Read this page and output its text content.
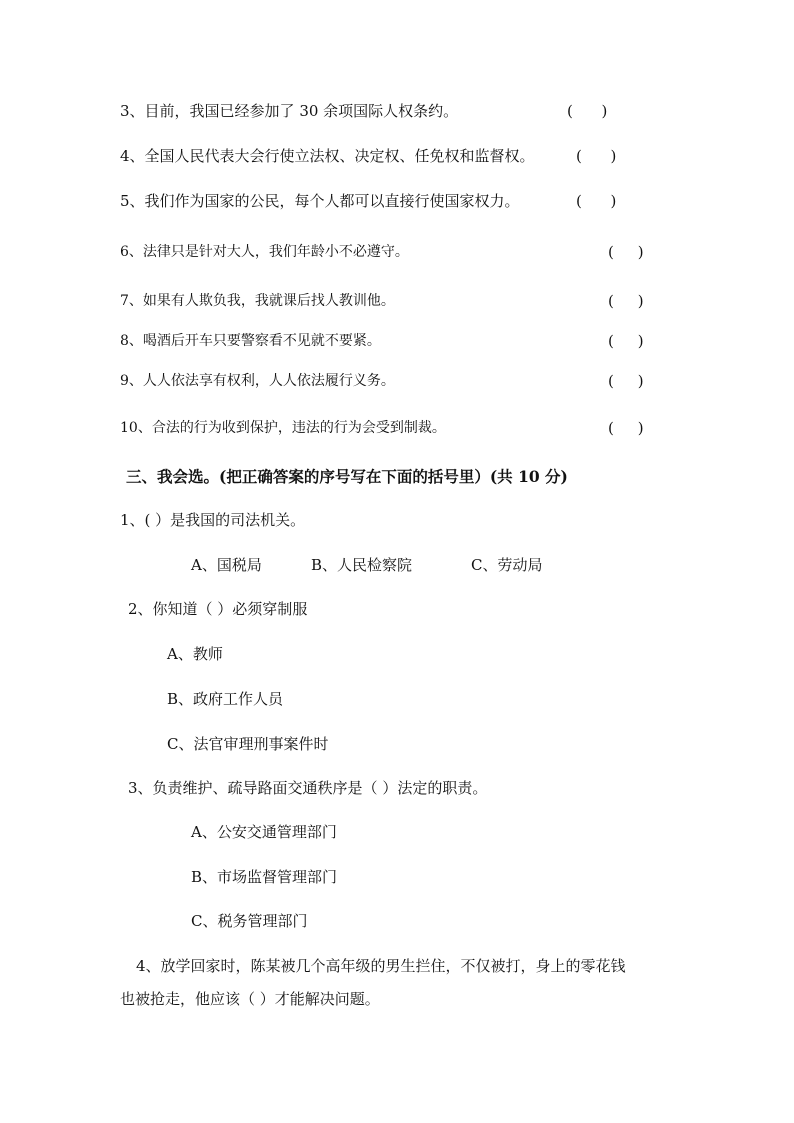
3、目前，我国已经参加了 30 余项国际人权条约。	(      )
4、全国人民代表大会行使立法权、决定权、任免权和监督权。	(      )
5、我们作为国家的公民，每个人都可以直接行使国家权力。	(      )
6、法律只是针对大人，我们年龄小不必遵守。	(     )
7、如果有人欺负我，我就课后找人教训他。	(     )
8、喝酒后开车只要警察看不见就不要紧。	(     )
9、人人依法享有权利，人人依法履行义务。	(     )
10、合法的行为收到保护，违法的行为会受到制裁。	(     )
三、我会选。(把正确答案的序号写在下面的括号里）(共 10 分)
1、( ）是我国的司法机关。
A、国税局	B、人民检察院	C、劳动局
2、你知道（ ）必须穿制服
A、教师
B、政府工作人员
C、法官审理刑事案件时
3、负责维护、疏导路面交通秩序是（ ）法定的职责。
A、公安交通管理部门
B、市场监督管理部门
C、税务管理部门
4、放学回家时，陈某被几个高年级的男生拦住，不仅被打，身上的零花钱
也被抢走，他应该（ ）才能解决问题。
